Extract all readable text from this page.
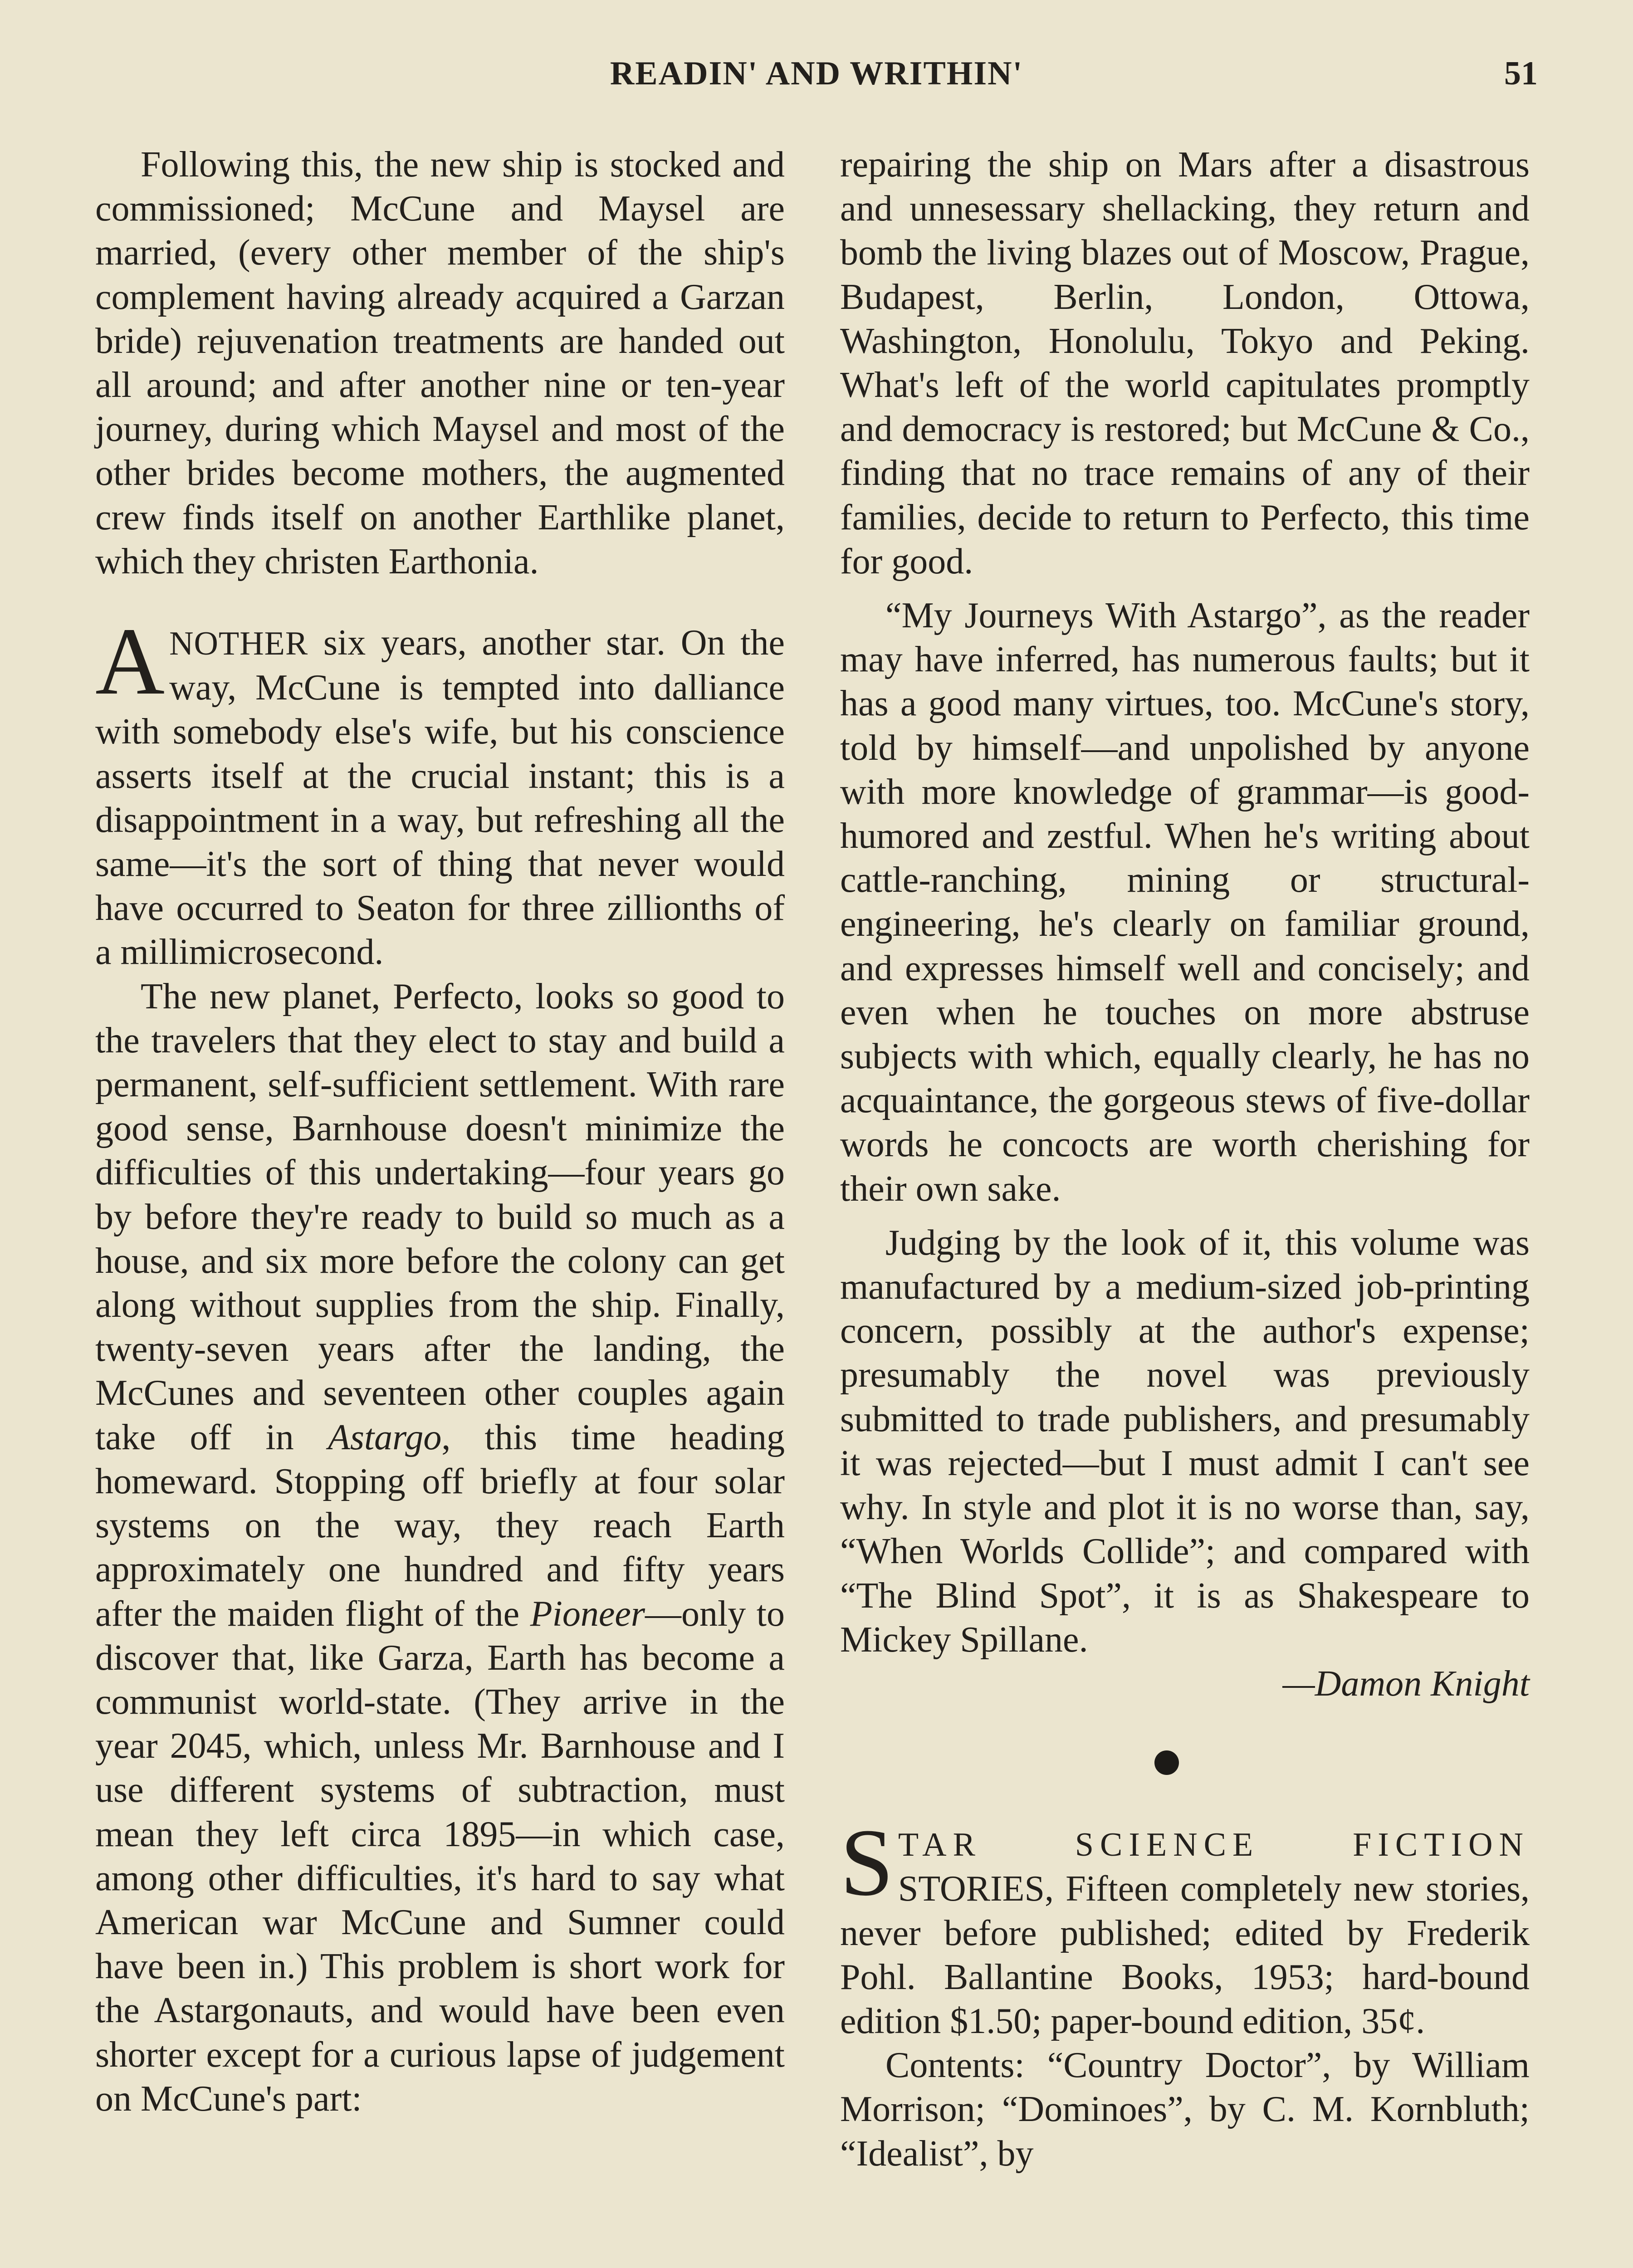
READIN' AND WRITHIN'	51

Following this, the new ship is stocked and commissioned; McCune and Maysel are married, (every other member of the ship's complement having already acquired a Garzan bride) rejuvenation treatments are handed out all around; and after another nine or ten-year journey, during which Maysel and most of the other brides become mothers, the augmented crew finds itself on another Earthlike planet, which they christen Earthonia.

ANOTHER six years, another star. On the way, McCune is tempted into dalliance with somebody else's wife, but his conscience asserts itself at the crucial instant; this is a disappointment in a way, but refreshing all the same—it's the sort of thing that never would have occurred to Seaton for three zillionths of a millimicrosecond.

The new planet, Perfecto, looks so good to the travelers that they elect to stay and build a permanent, self-sufficient settlement. With rare good sense, Barnhouse doesn't minimize the difficulties of this undertaking—four years go by before they're ready to build so much as a house, and six more before the colony can get along without supplies from the ship. Finally, twenty-seven years after the landing, the McCunes and seventeen other couples again take off in Astargo, this time heading homeward. Stopping off briefly at four solar systems on the way, they reach Earth approximately one hundred and fifty years after the maiden flight of the Pioneer—only to discover that, like Garza, Earth has become a communist world-state. (They arrive in the year 2045, which, unless Mr. Barnhouse and I use different systems of subtraction, must mean they left circa 1895—in which case, among other difficulties, it's hard to say what American war McCune and Sumner could have been in.) This problem is short work for the Astargonauts, and would have been even shorter except for a curious lapse of judgement on McCune's part:

repairing the ship on Mars after a disastrous and unnesessary shellacking, they return and bomb the living blazes out of Moscow, Prague, Budapest, Berlin, London, Ottowa, Washington, Honolulu, Tokyo and Peking. What's left of the world capitulates promptly and democracy is restored; but McCune & Co., finding that no trace remains of any of their families, decide to return to Perfecto, this time for good.

“My Journeys With Astargo”, as the reader may have inferred, has numerous faults; but it has a good many virtues, too. McCune's story, told by himself—and unpolished by anyone with more knowledge of grammar—is good-humored and zestful. When he's writing about cattle-ranching, mining or structural-engineering, he's clearly on familiar ground, and expresses himself well and concisely; and even when he touches on more abstruse subjects with which, equally clearly, he has no acquaintance, the gorgeous stews of five-dollar words he concocts are worth cherishing for their own sake.

Judging by the look of it, this volume was manufactured by a medium-sized job-printing concern, possibly at the author's expense; presumably the novel was previously submitted to trade publishers, and presumably it was rejected—but I must admit I can't see why. In style and plot it is no worse than, say, “When Worlds Collide”; and compared with “The Blind Spot”, it is as Shakespeare to Mickey Spillane.

—Damon Knight

STAR SCIENCE FICTION STORIES, Fifteen completely new stories, never before published; edited by Frederik Pohl. Ballantine Books, 1953; hard-bound edition $1.50; paper-bound edition, 35¢.

Contents: “Country Doctor”, by William Morrison; “Dominoes”, by C. M. Kornbluth; “Idealist”, by
